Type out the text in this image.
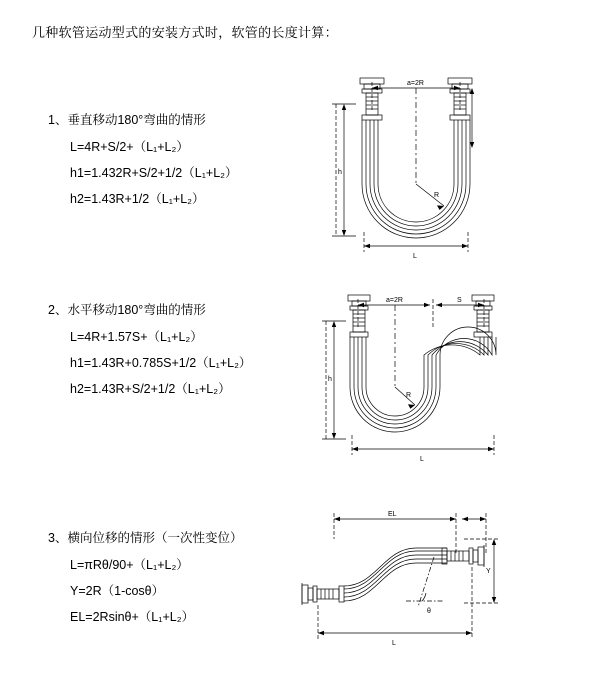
几种软管运动型式的安装方式时，软管的长度计算：
1、垂直移动180°弯曲的情形
L=4R+S/2+（L₁+L₂）
h1=1.432R+S/2+1/2（L₁+L₂）
h2=1.43R+1/2（L₁+L₂）
a=2R
h
R
L
2、水平移动180°弯曲的情形
L=4R+1.57S+（L₁+L₂）
h1=1.43R+0.785S+1/2（L₁+L₂）
h2=1.43R+S/2+1/2（L₁+L₂）
a=2R	S
h
R
L
3、横向位移的情形（一次性变位）
L=πRθ/90+（L₁+L₂）
Y=2R（1-cosθ）
EL=2Rsinθ+（L₁+L₂）
EL
Y
θ
L
